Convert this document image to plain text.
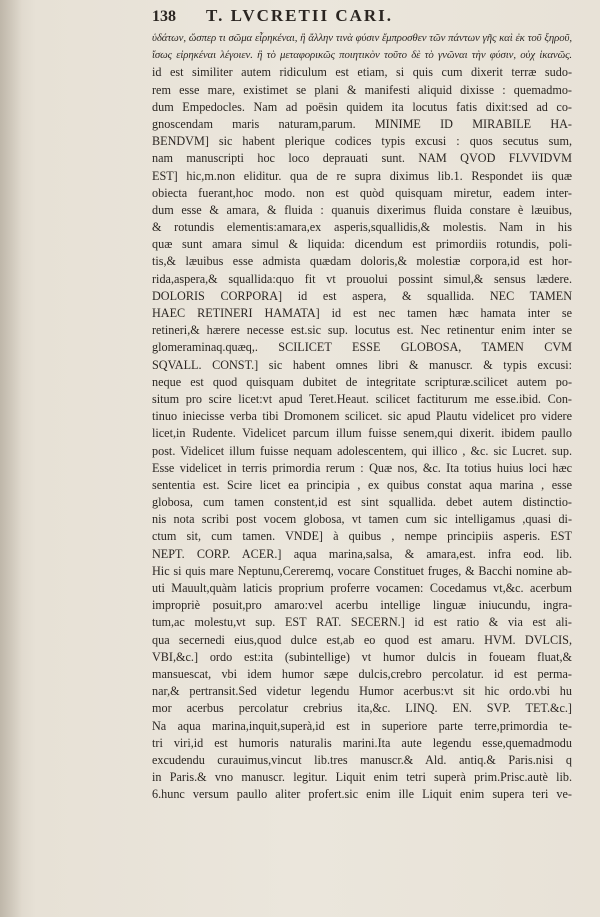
138	T. LVCRETII CARI.
ὑδάτων, ὥσπερ τι σῶμα εἶρηκέναι, ἢ ἄλλην τινὰ φύσιν ἔμπροσθεν τῶν πάντων γῆς καὶ ἐκ τοῦ ξηροῦ,
ἴσως εἰρηκέναι λέγοιεν. ἢ τὸ μεταφορικῶς ποιητικὸν τοῦτο δὲ τὸ γνῶναι τὴν φύσιν, οὐχ ἱκανῶς.
id est similiter autem ridiculum est etiam, si quis cum dixerit terræ sudo-
rem esse mare, existimet se plani & manifesti aliquid dixisse : quemadmo-
dum Empedocles. Nam ad poësin quidem ita locutus fatis dixit:sed ad co-
gnoscendam maris naturam,parum. MINIME ID MIRABILE HA-
BENDVM] sic habent plerique codices typis excusi : quos secutus sum,
nam manuscripti hoc loco deprauati sunt. NAM QVOD FLVVIDVM
EST] hic,m.non eliditur. qua de re supra diximus lib.1. Respondet iis quæ
obiecta fuerant,hoc modo. non est quòd quisquam miretur, eadem inter-
dum esse & amara, & fluida : quanuis dixerimus fluida constare è læuibus,
& rotundis elementis:amara,ex asperis,squallidis,& molestis. Nam in his
quæ sunt amara simul & liquida: dicendum est primordiis rotundis, poli-
tis,& læuibus esse admista quædam doloris,& molestiæ corpora,id est hor-
rida,aspera,& squallida:quo fit vt prouolui possint simul,& sensus lædere.
DOLORIS CORPORA] id est aspera, & squallida. NEC TAMEN
HAEC RETINERI HAMATA] id est nec tamen hæc hamata inter se
retineri,& hærere necesse est.sic sup. locutus est. Nec retinentur enim inter se
glomeraminaq.quæq,. SCILICET ESSE GLOBOSA, TAMEN CVM
SQVALL. CONST.] sic habent omnes libri & manuscr. & typis excusi:
neque est quod quisquam dubitet de integritate scripturæ.scilicet autem po-
situm pro scire licet:vt apud Teret.Heaut. scilicet factiturum me esse.ibid. Con-
tinuo iniecisse verba tibi Dromonem scilicet. sic apud Plautu videlicet pro videre
licet,in Rudente. Videlicet parcum illum fuisse senem,qui dixerit. ibidem paullo
post. Videlicet illum fuisse nequam adolescentem, qui illico , &c. sic Lucret. sup.
Esse videlicet in terris primordia rerum : Quæ nos, &c. Ita totius huius loci hæc
sententia est. Scire licet ea principia , ex quibus constat aqua marina , esse
globosa, cum tamen constent,id est sint squallida. debet autem distinctio-
nis nota scribi post vocem globosa, vt tamen cum sic intelligamus ,quasi di-
ctum sit, cum tamen. VNDE] à quibus , nempe principiis asperis. EST
NEPT. CORP. ACER.] aqua marina,salsa, & amara,est. infra eod. lib.
Hic si quis mare Neptunu,Cereremq, vocare Constituet fruges, & Bacchi nomine ab-
uti Mauult,quàm laticis proprium proferre vocamen: Cocedamus vt,&c. acerbum
impropriè posuit,pro amaro:vel acerbu intellige linguæ iniucundu, ingra-
tum,ac molestu,vt sup. EST RAT. SECERN.] id est ratio & via est ali-
qua secernedi eius,quod dulce est,ab eo quod est amaru. HVM. DVLCIS,
VBI,&c.] ordo est:ita (subintellige) vt humor dulcis in foueam fluat,&
mansuescat, vbi idem humor sæpe dulcis,crebro percolatur. id est perma-
nar,& pertransit.Sed videtur legendu Humor acerbus:vt sit hic ordo.vbi hu
mor acerbus percolatur crebrius ita,&c. LINQ. EN. SVP. TET.&c.]
Na aqua marina,inquit,superà,id est in superiore parte terre,primordia te-
tri viri,id est humoris naturalis marini.Ita aute legendu esse,quemadmodu
excudendu curauimus,vincut lib.tres manuscr.& Ald. antiq.& Paris.nisi q
in Paris.& vno manuscr. legitur. Liquit enim tetri superà prim.Prisc.autè lib.
6.hunc versum paullo aliter profert.sic enim ille Liquit enim supera teri ve-
